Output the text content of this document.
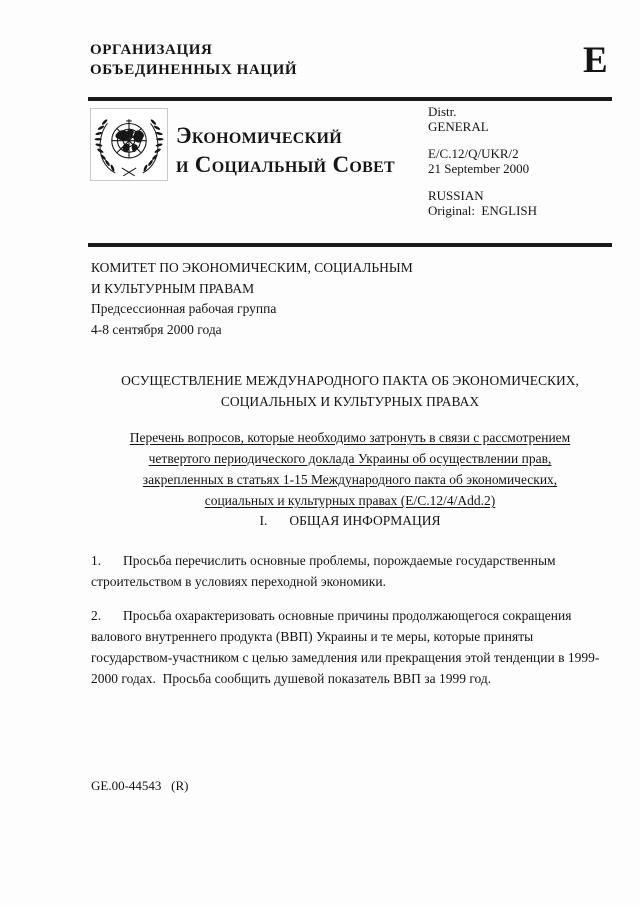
ОРГАНИЗАЦИЯ
ОБЪЕДИНЕННЫХ НАЦИЙ	E
Экономический
и Социальный Совет
Distr.
GENERAL
E/C.12/Q/UKR/2
21 September 2000
RUSSIAN
Original:  ENGLISH
КОМИТЕТ ПО ЭКОНОМИЧЕСКИМ, СОЦИАЛЬНЫМ
И КУЛЬТУРНЫМ ПРАВАМ
Предсессионная рабочая группа
4-8 сентября 2000 года
ОСУЩЕСТВЛЕНИЕ МЕЖДУНАРОДНОГО ПАКТА ОБ ЭКОНОМИЧЕСКИХ,
СОЦИАЛЬНЫХ И КУЛЬТУРНЫХ ПРАВАХ
Перечень вопросов, которые необходимо затронуть в связи с рассмотрением
четвертого периодического доклада Украины об осуществлении прав,
закрепленных в статьях 1-15 Международного пакта об экономических,
социальных и культурных правах (E/C.12/4/Add.2)
I. ОБЩАЯ ИНФОРМАЦИЯ

1. Просьба перечислить основные проблемы, порождаемые государственным строительством в условиях переходной экономики.

2. Просьба охарактеризовать основные причины продолжающегося сокращения валового внутреннего продукта (ВВП) Украины и те меры, которые приняты государством-участником с целью замедления или прекращения этой тенденции в 1999-2000 годах.  Просьба сообщить душевой показатель ВВП за 1999 год.

GE.00-44543   (R)
